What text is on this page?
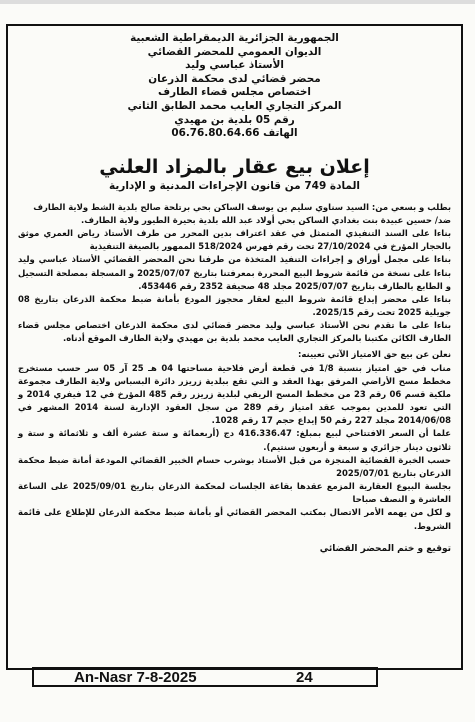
الجمهورية الجزائرية الديمقراطية الشعبية
الديوان العمومي للمحضر القضائي
الأستاذ عباسي وليد
محضر قضائي لدى محكمة الذرعان
اختصاص مجلس قضاء الطارف
المركز التجاري العايب محمد الطابق الثاني
رقم 05 بلدية بن مهيدي
الهاتف 06.76.80.64.66
إعلان بيع عقار بالمزاد العلني
المادة 749 من قانون الإجراءات المدنية و الإدارية

بطلب و بسعي من: السيد سناوي سليم بن يوسف الساكن بحي برتلحة صالح بلدية الشط ولاية الطارف

ضد/ حسين عبيدة بنت بغدادي الساكن بحي أولاد عبد الله بلدية بحيرة الطيور ولاية الطارف.

بناءا على السند التنفيذي المتمثل في عقد اعتراف بدين المحرر من طرف الأستاذ رياض العمري موثق بالحجار المؤرخ في 27/10/2024 تحت رقم فهرس 518/2024 الممهور بالصيغة التنفيذية

بناءا على مجمل أوراق و إجراءات التنفيذ المتخذة من طرفنا نحن المحضر القضائي الأستاذ عباسي وليد بناءا على نسخة من قائمة شروط البيع المحررة بمعرفتنا بتاريخ 2025/07/07 و المسجلة بمصلحة التسجيل و الطابع بالطارف بتاريخ 2025/07/07 مجلد 48 صحيفة 2352 رقم 453446.

بناءا على محضر إيداع قائمة شروط البيع لعقار محجوز المودع بأمانة ضبط محكمة الذرعان بتاريخ 08 جويلية 2025 تحت رقم 2025/15.

بناءا على ما تقدم نحن الأستاذ عباسي وليد محضر قضائي لدى محكمة الذرعان اختصاص مجلس قضاء الطارف الكائن مكتبنا بالمركز التجاري العايب محمد بلدية بن مهيدي ولاية الطارف الموقع أدناه.

نعلن عن بيع حق الامتياز الآتي تعيينه:

مناب في حق امتياز بنسبة 1/8 في قطعة أرض فلاحية مساحتها 04 هـ 25 آر 05 سر حسب مستخرج مخطط مسح الأراضي المرفق بهذا العقد و التي تقع ببلدية زريزر دائرة البسباس ولاية الطارف مجموعة ملكية قسم 06 رقم 23 من مخطط المسح الريفي لبلدية زريزر رقم 485 المؤرخ في 12 فيفري 2014 و التي تعود للمدين بموجب عقد امتياز رقم 289 من سجل العقود الإدارية لسنة 2014 المشهر في 2014/06/08 مجلد 227 رقم 50 إيداع حجم 17 رقم 1028.

علما أن السعر الافتتاحي لبيع بمبلغ: 416.336.47 دج (أربعمائة و ستة عشرة ألف و ثلاثمائة و ستة و ثلاثون دينار جزائري و سبعة و أربعون سنتيم).

حسب الخبرة القضائية المنجزة من قبل الأستاذ بوشرب حسام الخبير القضائي المودعة أمانة ضبط محكمة الذرعان بتاريخ 2025/07/01

بجلسة البيوع العقارية المزمع عقدها بقاعة الجلسات لمحكمة الذرعان بتاريخ 2025/09/01 على الساعة العاشرة و النصف صباحا

و لكل من يهمه الأمر الاتصال بمكتب المحضر القضائي أو بأمانة ضبط محكمة الذرعان للإطلاع على قائمة الشروط.

توقيع و ختم المحضر القضائي
An-Nasr 7-8-2025	24
